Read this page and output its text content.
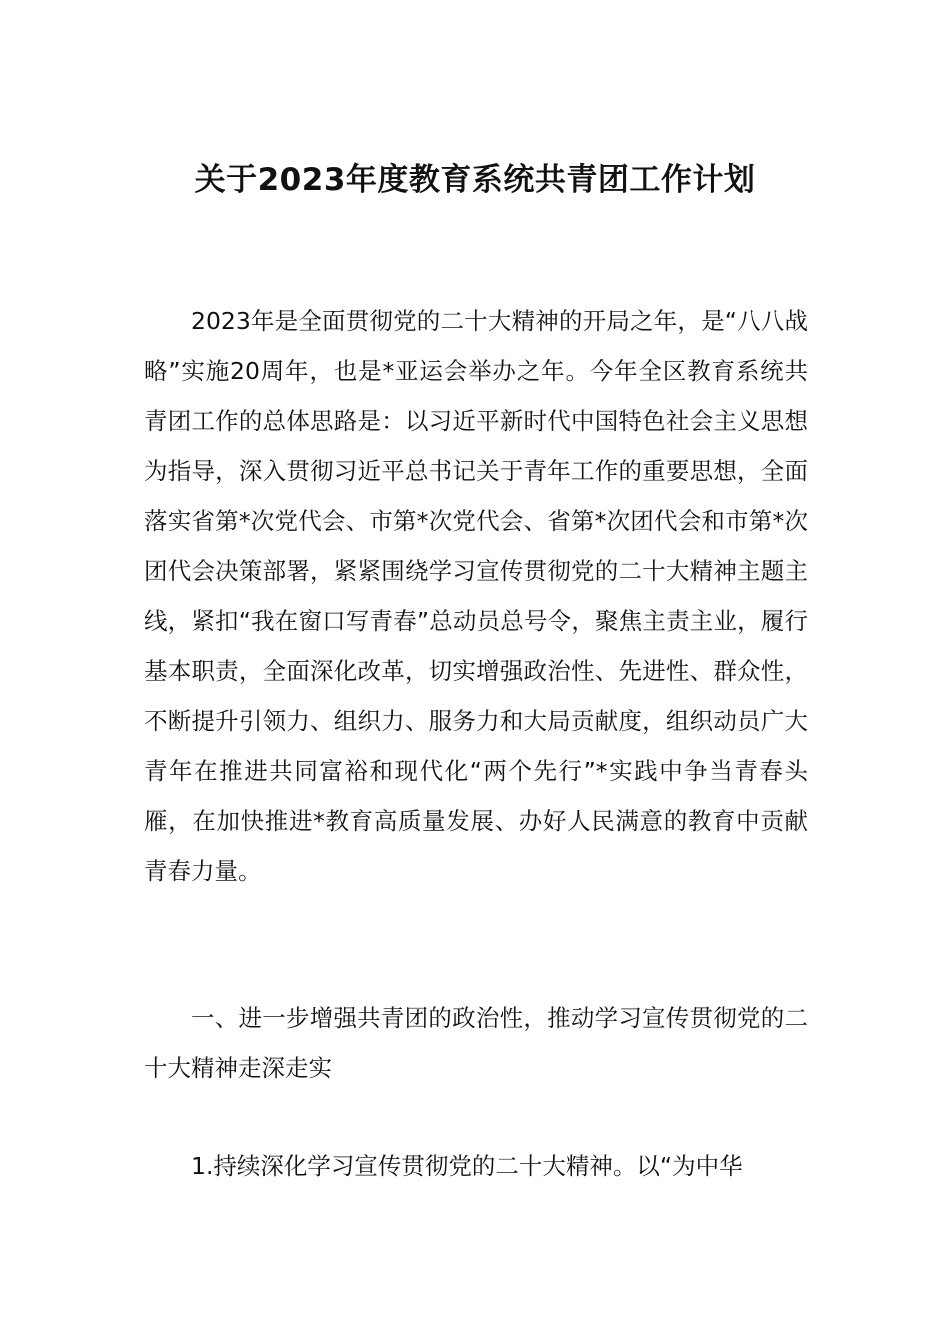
关于2023年度教育系统共青团工作计划

2023年是全面贯彻党的二十大精神的开局之年，是“八八战略”实施20周年，也是*亚运会举办之年。今年全区教育系统共青团工作的总体思路是：以习近平新时代中国特色社会主义思想为指导，深入贯彻习近平总书记关于青年工作的重要思想，全面落实省第*次党代会、市第*次党代会、省第*次团代会和市第*次团代会决策部署，紧紧围绕学习宣传贯彻党的二十大精神主题主线，紧扣“我在窗口写青春”总动员总号令，聚焦主责主业，履行基本职责，全面深化改革，切实增强政治性、先进性、群众性，不断提升引领力、组织力、服务力和大局贡献度，组织动员广大青年在推进共同富裕和现代化“两个先行”*实践中争当青春头雁，在加快推进*教育高质量发展、办好人民满意的教育中贡献青春力量。

一、进一步增强共青团的政治性，推动学习宣传贯彻党的二十大精神走深走实

1.持续深化学习宣传贯彻党的二十大精神。以“为中华
